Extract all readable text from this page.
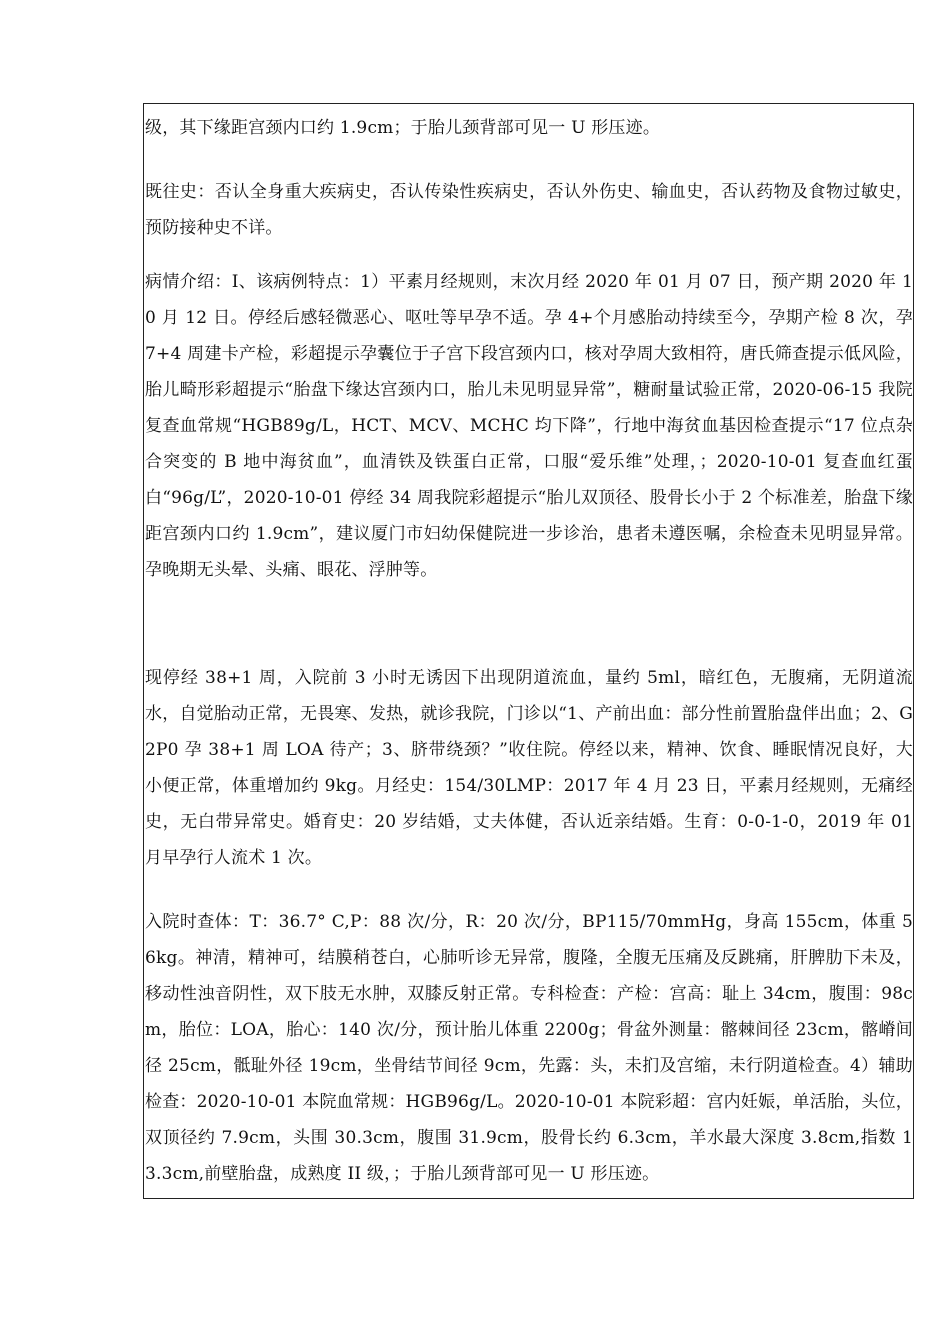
级，其下缘距宫颈内口约 1.9cm；于胎儿颈背部可见一 U 形压迹。

既往史：否认全身重大疾病史，否认传染性疾病史，否认外伤史、输血史，否认药物及食物过敏史，预防接种史不详。

病情介绍：I、该病例特点：1）平素月经规则，末次月经 2020 年 01 月 07 日，预产期 2020 年 10 月 12 日。停经后感轻微恶心、呕吐等早孕不适。孕 4+个月感胎动持续至今，孕期产检 8 次，孕 7+4 周建卡产检，彩超提示孕囊位于子宫下段宫颈内口，核对孕周大致相符，唐氏筛查提示低风险，胎儿畸形彩超提示“胎盘下缘达宫颈内口，胎儿未见明显异常”，糖耐量试验正常，2020-06-15 我院复查血常规“HGB89g/L，HCT、MCV、MCHC 均下降”，行地中海贫血基因检查提示“17 位点杂合突变的 B 地中海贫血”，血清铁及铁蛋白正常，口服“爱乐维”处理，；2020-10-01 复查血红蛋白“96g/L”，2020-10-01 停经 34 周我院彩超提示“胎儿双顶径、股骨长小于 2 个标准差，胎盘下缘距宫颈内口约 1.9cm”，建议厦门市妇幼保健院进一步诊治，患者未遵医嘱，余检查未见明显异常。孕晚期无头晕、头痛、眼花、浮肿等。

现停经 38+1 周，入院前 3 小时无诱因下出现阴道流血，量约 5ml，暗红色，无腹痛，无阴道流水，自觉胎动正常，无畏寒、发热，就诊我院，门诊以“1、产前出血：部分性前置胎盘伴出血；2、G2P0 孕 38+1 周 LOA 待产；3、脐带绕颈？”收住院。停经以来，精神、饮食、睡眠情况良好，大小便正常，体重增加约 9kg。月经史：154/30LMP：2017 年 4 月 23 日，平素月经规则，无痛经史，无白带异常史。婚育史：20 岁结婚，丈夫体健，否认近亲结婚。生育：0-0-1-0，2019 年 01 月早孕行人流术 1 次。

入院时查体：T：36.7° C,P：88 次/分，R：20 次/分，BP115/70mmHg，身高 155cm，体重 56kg。神清，精神可，结膜稍苍白，心肺听诊无异常，腹隆，全腹无压痛及反跳痛，肝脾肋下未及，移动性浊音阴性，双下肢无水肿，双膝反射正常。专科检查：产检：宫高：耻上 34cm，腹围：98cm，胎位：LOA，胎心：140 次/分，预计胎儿体重 2200g；骨盆外测量：髂棘间径 23cm，髂嵴间径 25cm，骶耻外径 19cm，坐骨结节间径 9cm，先露：头，未扪及宫缩，未行阴道检查。4）辅助检查：2020-10-01 本院血常规：HGB96g/L。2020-10-01 本院彩超：宫内妊娠，单活胎，头位，双顶径约 7.9cm，头围 30.3cm，腹围 31.9cm，股骨长约 6.3cm，羊水最大深度 3.8cm,指数 13.3cm,前壁胎盘，成熟度 II 级，；于胎儿颈背部可见一 U 形压迹。
